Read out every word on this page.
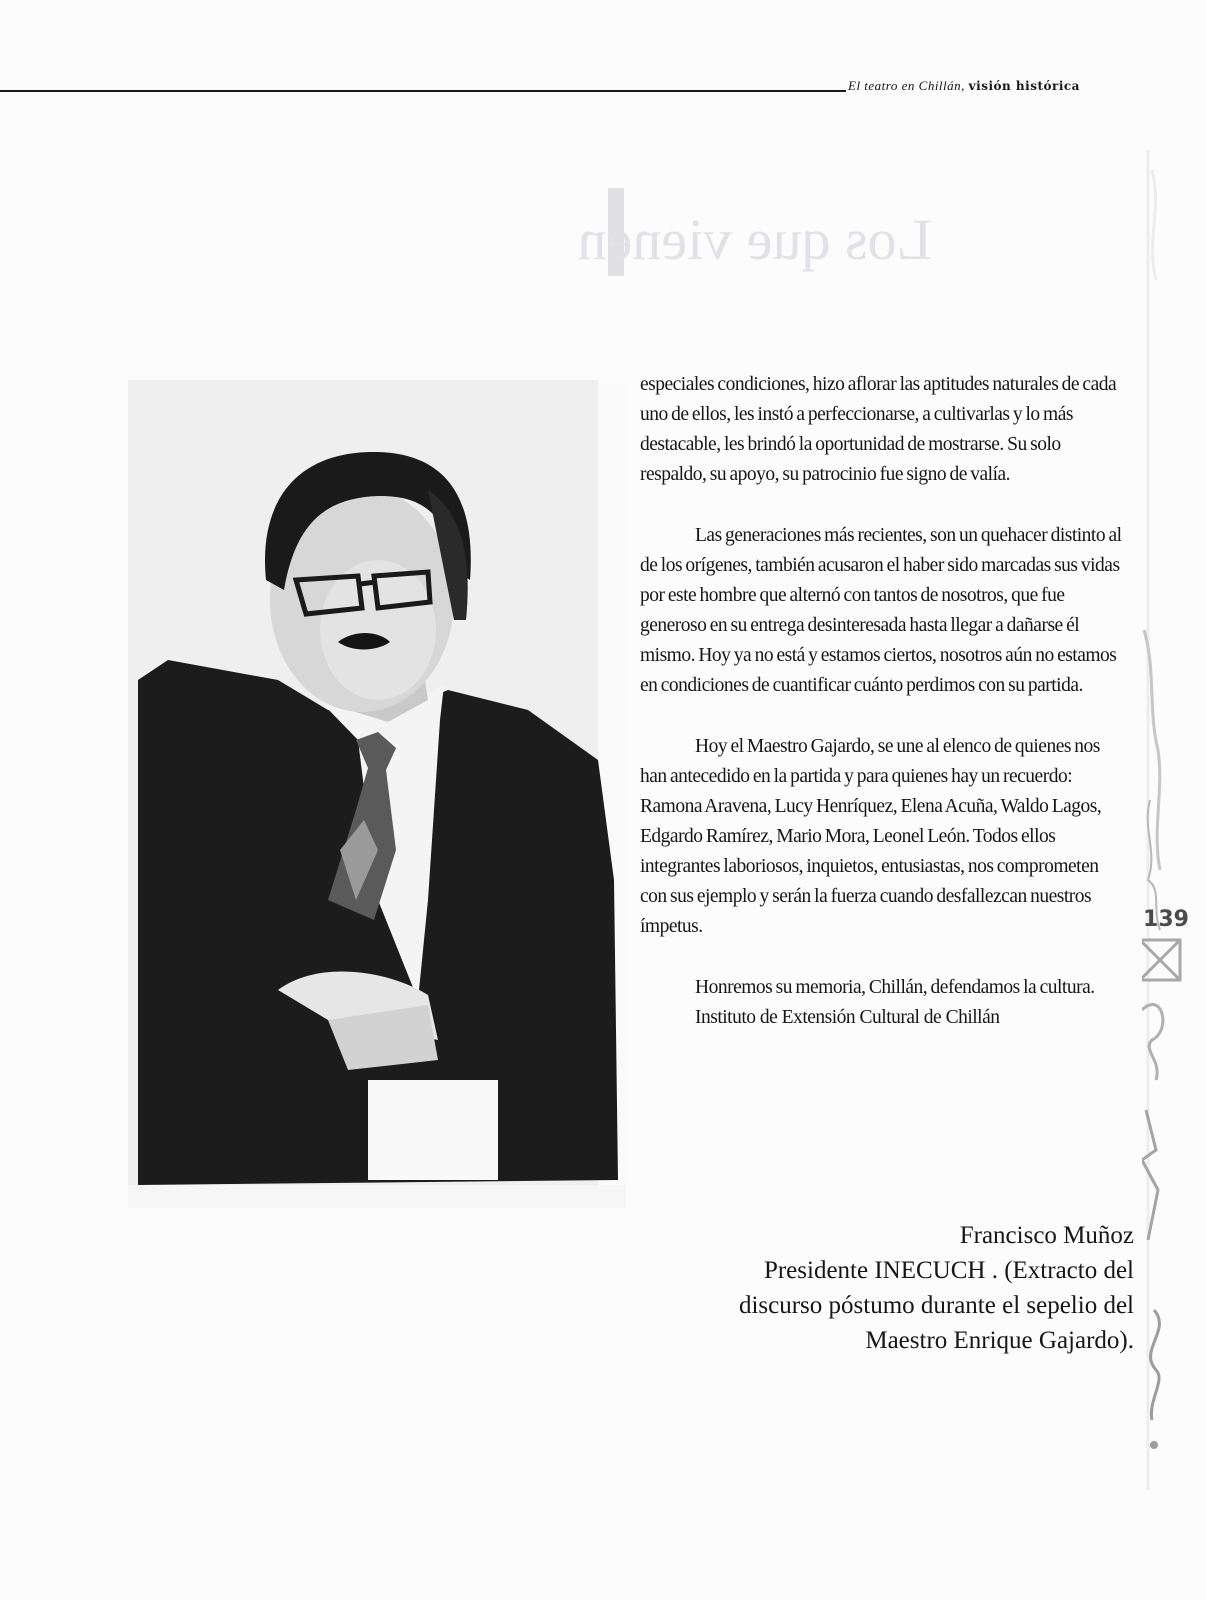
El teatro en Chillán, visión histórica
Los que vienen

especiales condiciones, hizo aflorar las aptitudes naturales de cada uno de ellos, les instó a perfeccionarse, a cultivarlas y lo más destacable, les brindó la oportunidad de mostrarse. Su solo respaldo, su apoyo, su patrocinio fue signo de valía.

Las generaciones más recientes, son un quehacer distinto al de los orígenes, también acusaron el haber sido marcadas sus vidas por este hombre que alternó con tantos de nosotros, que fue generoso en su entrega desinteresada hasta llegar a dañarse él mismo. Hoy ya no está y estamos ciertos, nosotros aún no estamos en condiciones de cuantificar cuánto perdimos con su partida.

Hoy el Maestro Gajardo, se une al elenco de quienes nos han antecedido en la partida y para quienes hay un recuerdo: Ramona Aravena, Lucy Henríquez, Elena Acuña, Waldo Lagos, Edgardo Ramírez, Mario Mora, Leonel León. Todos ellos integrantes laboriosos, inquietos, entusiastas, nos comprometen con sus ejemplo y serán la fuerza cuando desfallezcan nuestros ímpetus.

Honremos su memoria, Chillán, defendamos la cultura.

Instituto de Extensión Cultural de Chillán

Francisco Muñoz
Presidente INECUCH . (Extracto del
discurso póstumo durante el sepelio del
Maestro Enrique Gajardo).
139
